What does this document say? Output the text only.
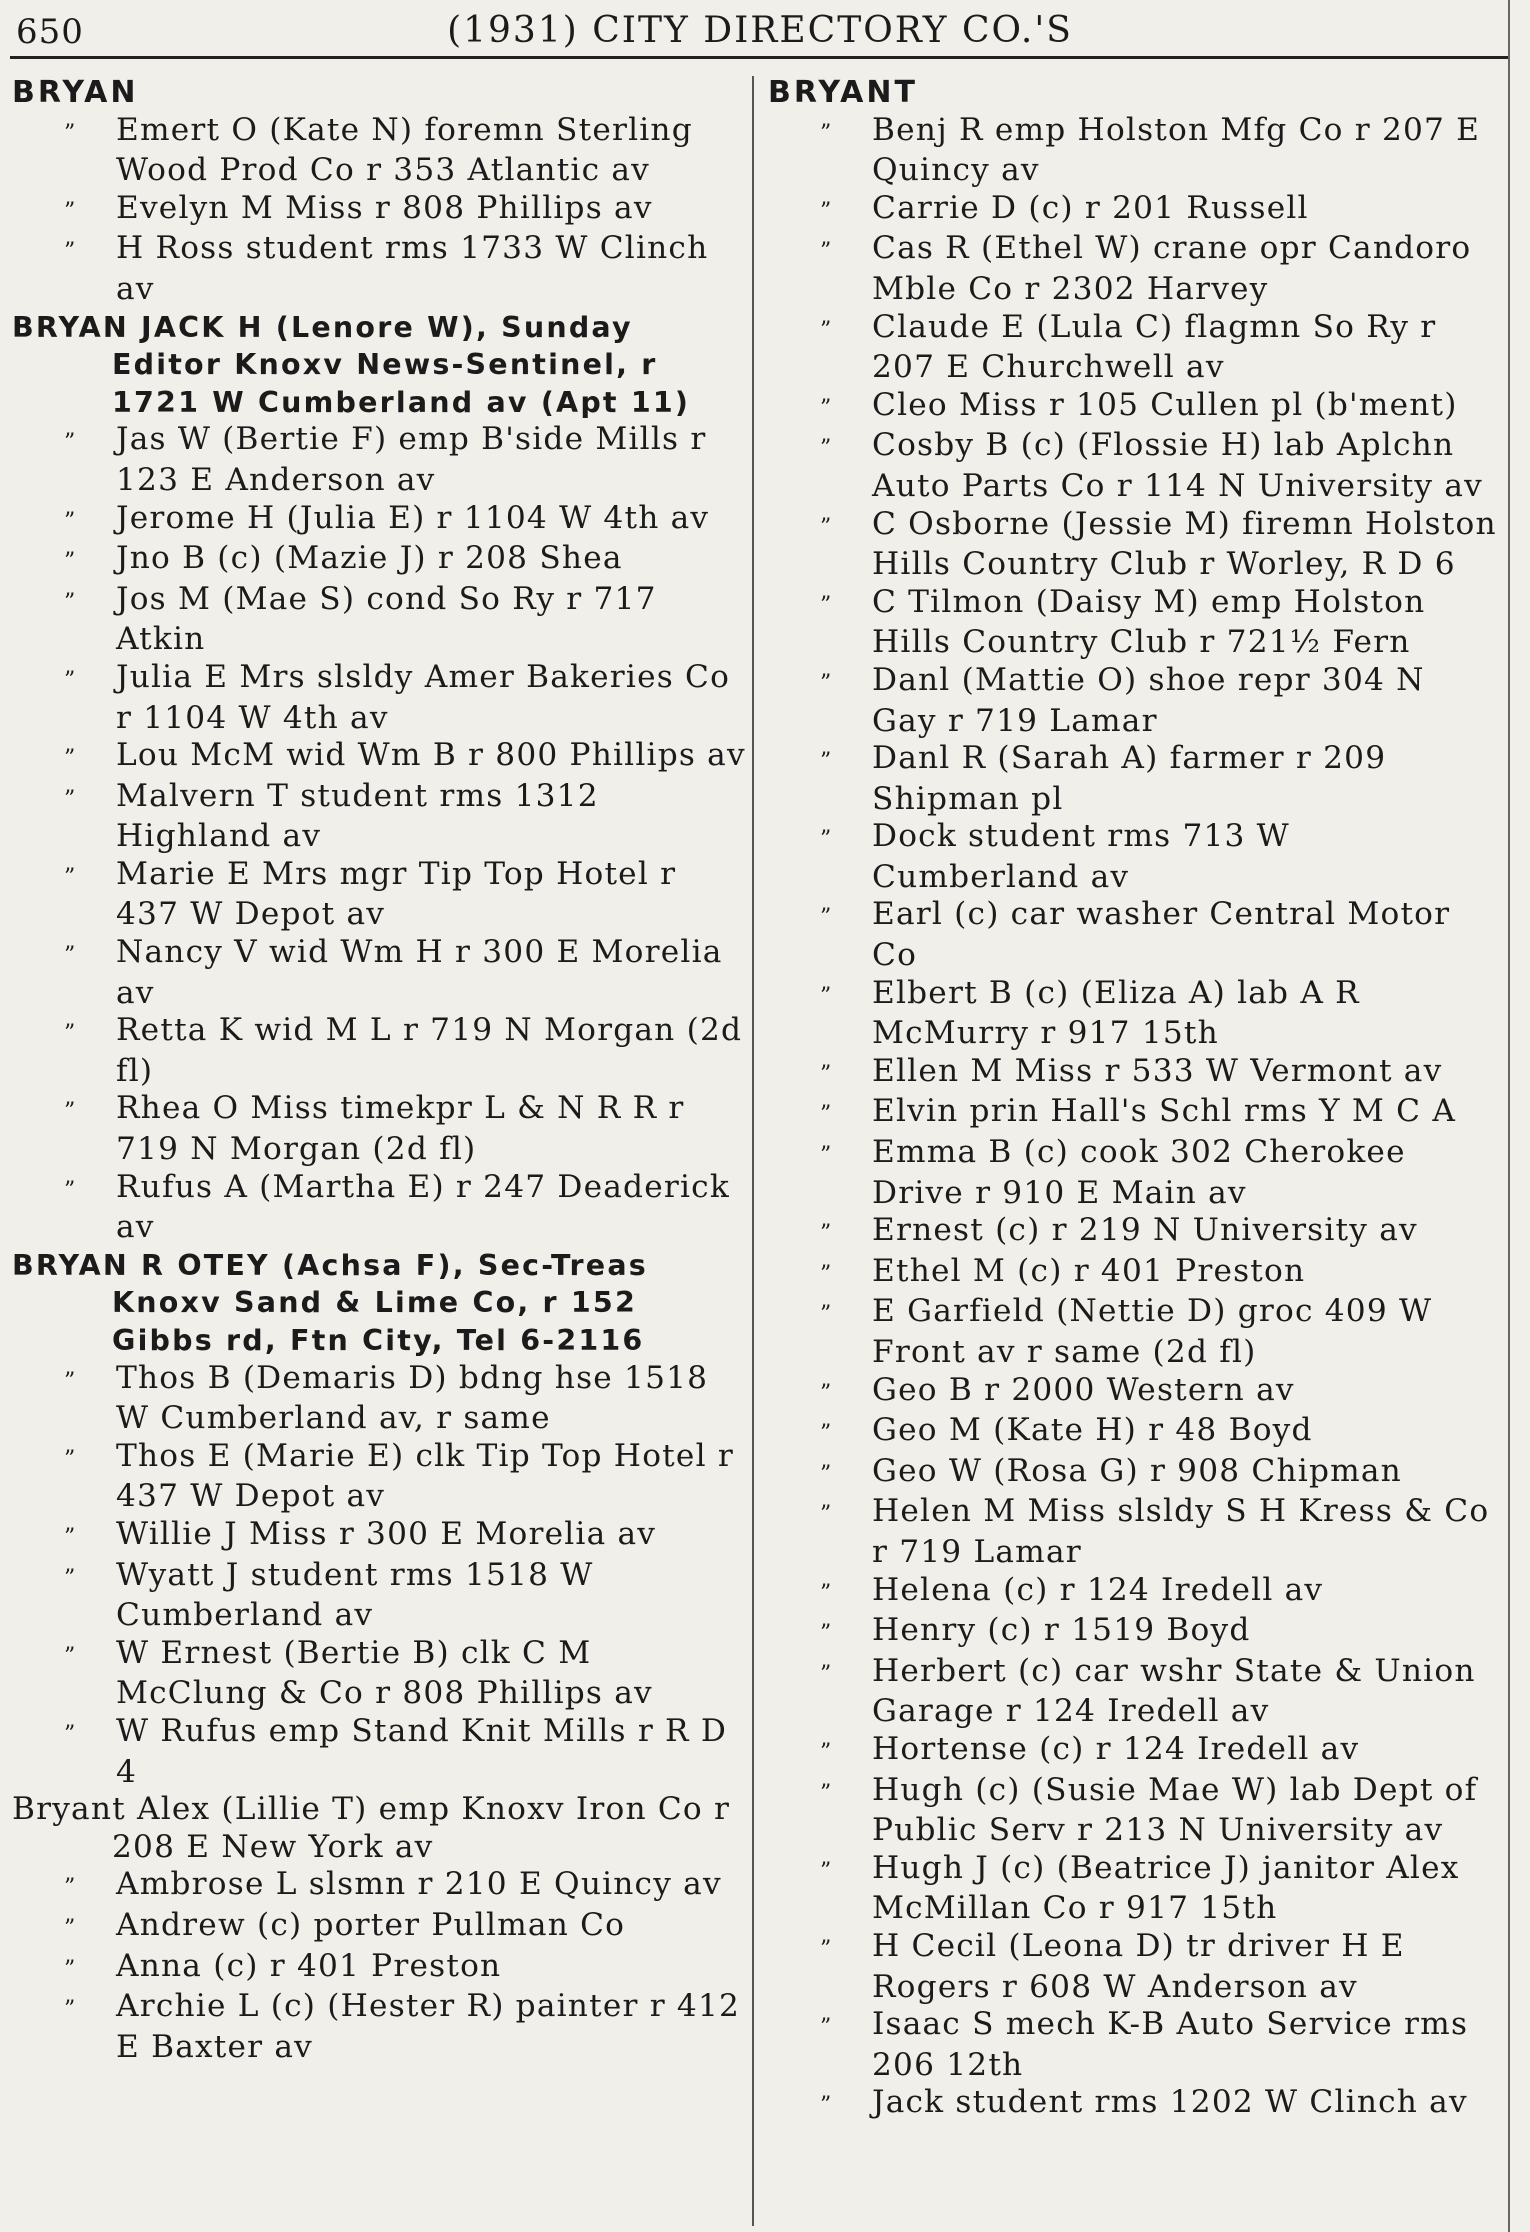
650	(1931) CITY DIRECTORY CO.'S
BRYAN
” Emert O (Kate N) foremn Sterling Wood Prod Co r 353 Atlantic av
” Evelyn M Miss r 808 Phillips av
” H Ross student rms 1733 W Clinch av
BRYAN JACK H (Lenore W), Sunday Editor Knoxv News-Sentinel, r 1721 W Cumberland av (Apt 11)
” Jas W (Bertie F) emp B'side Mills r 123 E Anderson av
” Jerome H (Julia E) r 1104 W 4th av
” Jno B (c) (Mazie J) r 208 Shea
” Jos M (Mae S) cond So Ry r 717 Atkin
” Julia E Mrs slsldy Amer Bakeries Co r 1104 W 4th av
” Lou McM wid Wm B r 800 Phillips av
” Malvern T student rms 1312 Highland av
” Marie E Mrs mgr Tip Top Hotel r 437 W Depot av
” Nancy V wid Wm H r 300 E Morelia av
” Retta K wid M L r 719 N Morgan (2d fl)
” Rhea O Miss timekpr L & N R R r 719 N Morgan (2d fl)
” Rufus A (Martha E) r 247 Deaderick av
BRYAN R OTEY (Achsa F), Sec-Treas Knoxv Sand & Lime Co, r 152 Gibbs rd, Ftn City, Tel 6-2116
” Thos B (Demaris D) bdng hse 1518 W Cumberland av, r same
” Thos E (Marie E) clk Tip Top Hotel r 437 W Depot av
” Willie J Miss r 300 E Morelia av
” Wyatt J student rms 1518 W Cumberland av
” W Ernest (Bertie B) clk C M McClung & Co r 808 Phillips av
” W Rufus emp Stand Knit Mills r R D 4
Bryant Alex (Lillie T) emp Knoxv Iron Co r 208 E New York av
” Ambrose L slsmn r 210 E Quincy av
” Andrew (c) porter Pullman Co
” Anna (c) r 401 Preston
” Archie L (c) (Hester R) painter r 412 E Baxter av
BRYANT
” Benj R emp Holston Mfg Co r 207 E Quincy av
” Carrie D (c) r 201 Russell
” Cas R (Ethel W) crane opr Candoro Mble Co r 2302 Harvey
” Claude E (Lula C) flagmn So Ry r 207 E Churchwell av
” Cleo Miss r 105 Cullen pl (b'ment)
” Cosby B (c) (Flossie H) lab Aplchn Auto Parts Co r 114 N University av
” C Osborne (Jessie M) firemn Holston Hills Country Club r Worley, R D 6
” C Tilmon (Daisy M) emp Holston Hills Country Club r 721½ Fern
” Danl (Mattie O) shoe repr 304 N Gay r 719 Lamar
” Danl R (Sarah A) farmer r 209 Shipman pl
” Dock student rms 713 W Cumberland av
” Earl (c) car washer Central Motor Co
” Elbert B (c) (Eliza A) lab A R McMurry r 917 15th
” Ellen M Miss r 533 W Vermont av
” Elvin prin Hall's Schl rms Y M C A
” Emma B (c) cook 302 Cherokee Drive r 910 E Main av
” Ernest (c) r 219 N University av
” Ethel M (c) r 401 Preston
” E Garfield (Nettie D) groc 409 W Front av r same (2d fl)
” Geo B r 2000 Western av
” Geo M (Kate H) r 48 Boyd
” Geo W (Rosa G) r 908 Chipman
” Helen M Miss slsldy S H Kress & Co r 719 Lamar
” Helena (c) r 124 Iredell av
” Henry (c) r 1519 Boyd
” Herbert (c) car wshr State & Union Garage r 124 Iredell av
” Hortense (c) r 124 Iredell av
” Hugh (c) (Susie Mae W) lab Dept of Public Serv r 213 N University av
” Hugh J (c) (Beatrice J) janitor Alex McMillan Co r 917 15th
” H Cecil (Leona D) tr driver H E Rogers r 608 W Anderson av
” Isaac S mech K-B Auto Service rms 206 12th
” Jack student rms 1202 W Clinch av
